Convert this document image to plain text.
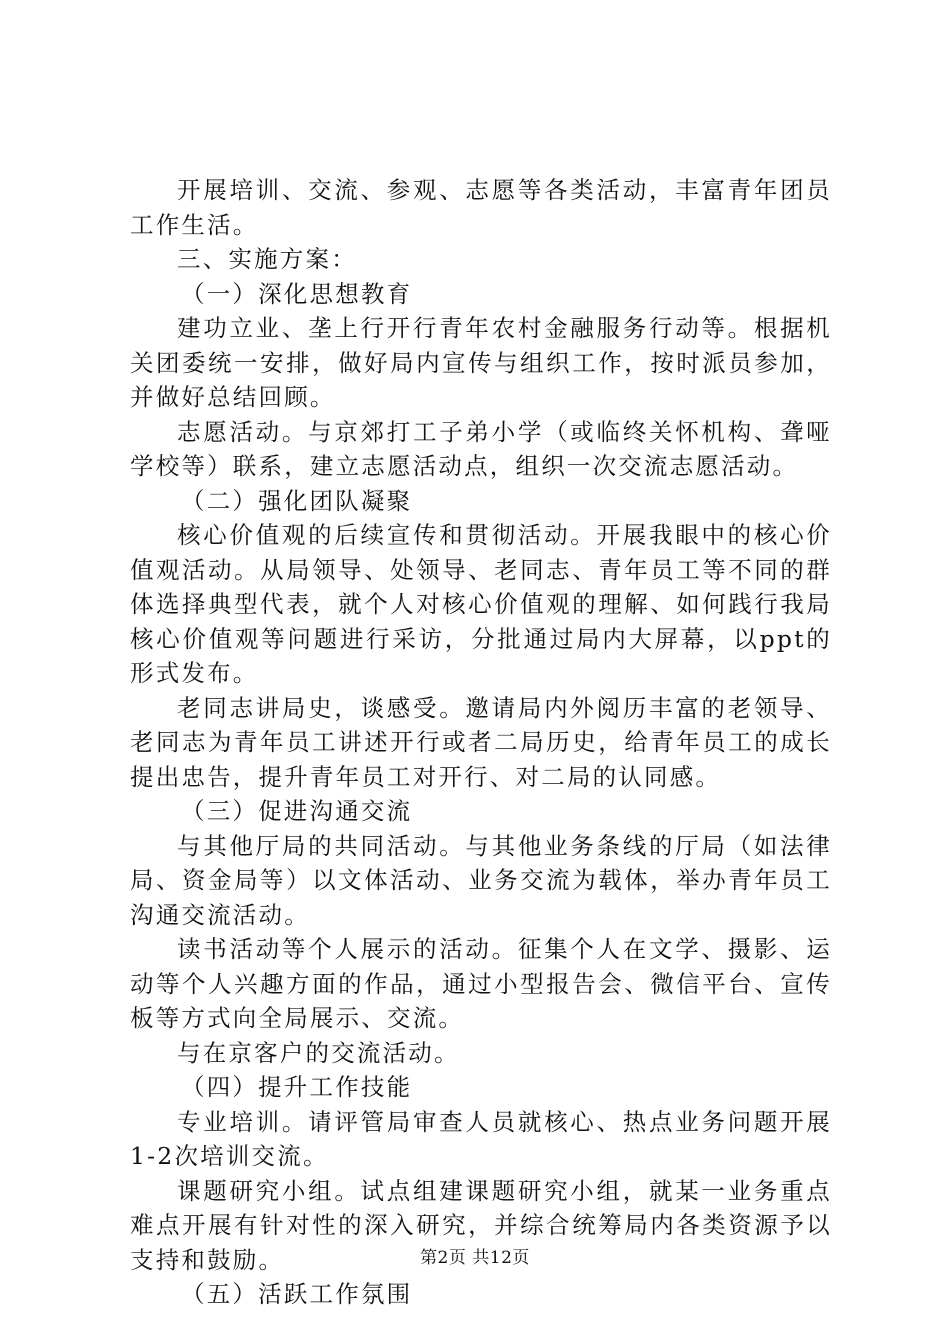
开展培训、交流、参观、志愿等各类活动，丰富青年团员工作生活。

三、实施方案：

（一）深化思想教育

建功立业、垄上行开行青年农村金融服务行动等。根据机关团委统一安排，做好局内宣传与组织工作，按时派员参加，并做好总结回顾。

志愿活动。与京郊打工子弟小学（或临终关怀机构、聋哑学校等）联系，建立志愿活动点，组织一次交流志愿活动。

（二）强化团队凝聚

核心价值观的后续宣传和贯彻活动。开展我眼中的核心价值观活动。从局领导、处领导、老同志、青年员工等不同的群体选择典型代表，就个人对核心价值观的理解、如何践行我局核心价值观等问题进行采访，分批通过局内大屏幕，以ppt的形式发布。

老同志讲局史，谈感受。邀请局内外阅历丰富的老领导、老同志为青年员工讲述开行或者二局历史，给青年员工的成长提出忠告，提升青年员工对开行、对二局的认同感。

（三）促进沟通交流

与其他厅局的共同活动。与其他业务条线的厅局（如法律局、资金局等）以文体活动、业务交流为载体，举办青年员工沟通交流活动。

读书活动等个人展示的活动。征集个人在文学、摄影、运动等个人兴趣方面的作品，通过小型报告会、微信平台、宣传板等方式向全局展示、交流。

与在京客户的交流活动。

（四）提升工作技能

专业培训。请评管局审查人员就核心、热点业务问题开展1-2次培训交流。

课题研究小组。试点组建课题研究小组，就某一业务重点难点开展有针对性的深入研究，并综合统筹局内各类资源予以支持和鼓励。

（五）活跃工作氛围

第2页 共12页
